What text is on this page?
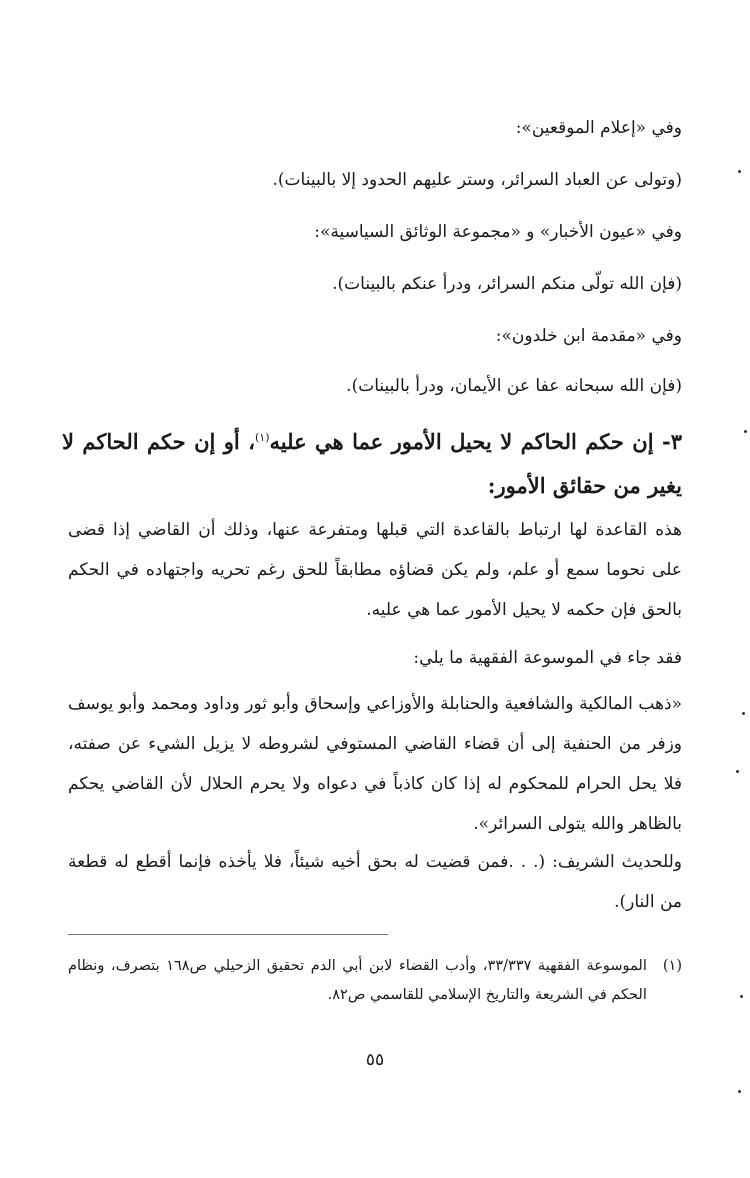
وفي «إعلام الموقعين»:
(وتولى عن العباد السرائر، وستر عليهم الحدود إلا بالبينات).
وفي «عيون الأخبار» و «مجموعة الوثائق السياسية»:
(فإن الله تولّى منكم السرائر، ودرأ عنكم بالبينات).
وفي «مقدمة ابن خلدون»:
(فإن الله سبحانه عفا عن الأيمان، ودرأ بالبينات).
٣- إن حكم الحاكم لا يحيل الأمور عما هي عليه$^{(١)}$، أو إن حكم الحاكم لا يغير من حقائق الأمور:
هذه القاعدة لها ارتباط بالقاعدة التي قبلها ومتفرعة عنها، وذلك أن القاضي إذا قضى على نحوما سمع أو علم، ولم يكن قضاؤه مطابقاً للحق رغم تحريه واجتهاده في الحكم بالحق فإن حكمه لا يحيل الأمور عما هي عليه.
فقد جاء في الموسوعة الفقهية ما يلي:
«ذهب المالكية والشافعية والحنابلة والأوزاعي وإسحاق وأبو ثور وداود ومحمد وأبو يوسف وزفر من الحنفية إلى أن قضاء القاضي المستوفي لشروطه لا يزيل الشيء عن صفته، فلا يحل الحرام للمحكوم له إذا كان كاذباً في دعواه ولا يحرم الحلال لأن القاضي يحكم بالظاهر والله يتولى السرائر».
وللحديث الشريف: (. . .فمن قضيت له بحق أخيه شيئاً، فلا يأخذه فإنما أقطع له قطعة من النار).
(١)
الموسوعة الفقهية ٣٣/٣٣٧، وأدب القضاء لابن أبي الدم تحقيق الزحيلي ص١٦٨ بتصرف، ونظام الحكم في الشريعة والتاريخ الإسلامي للقاسمي ص٨٢.
٥٥
